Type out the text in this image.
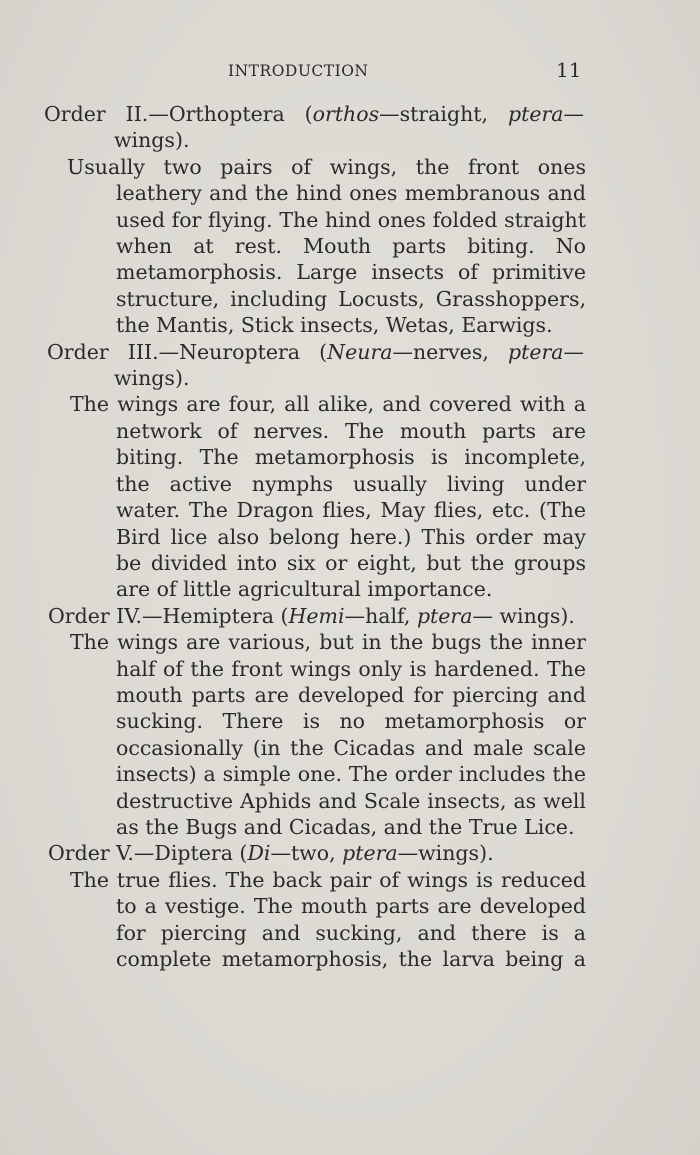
INTRODUCTION	11

Order II.—Orthoptera (orthos—straight, ptera— wings).

Usually two pairs of wings, the front ones leathery and the hind ones membranous and used for flying. The hind ones folded straight when at rest. Mouth parts biting. No metamorphosis. Large insects of primitive structure, including Locusts, Grasshoppers, the Mantis, Stick insects, Wetas, Earwigs.

Order III.—Neuroptera (Neura—nerves, ptera— wings).

The wings are four, all alike, and covered with a network of nerves. The mouth parts are biting. The metamorphosis is incomplete, the active nymphs usually living under water. The Dragon flies, May flies, etc. (The Bird lice also belong here.) This order may be divided into six or eight, but the groups are of little agricultural importance.

Order IV.—Hemiptera (Hemi—half, ptera— wings).

The wings are various, but in the bugs the inner half of the front wings only is hardened. The mouth parts are developed for piercing and sucking. There is no metamorphosis or occasionally (in the Cicadas and male scale insects) a simple one. The order includes the destructive Aphids and Scale insects, as well as the Bugs and Cicadas, and the True Lice.

Order V.—Diptera (Di—two, ptera—wings).

The true flies. The back pair of wings is reduced to a vestige. The mouth parts are developed for piercing and sucking, and there is a complete metamorphosis, the larva being a
